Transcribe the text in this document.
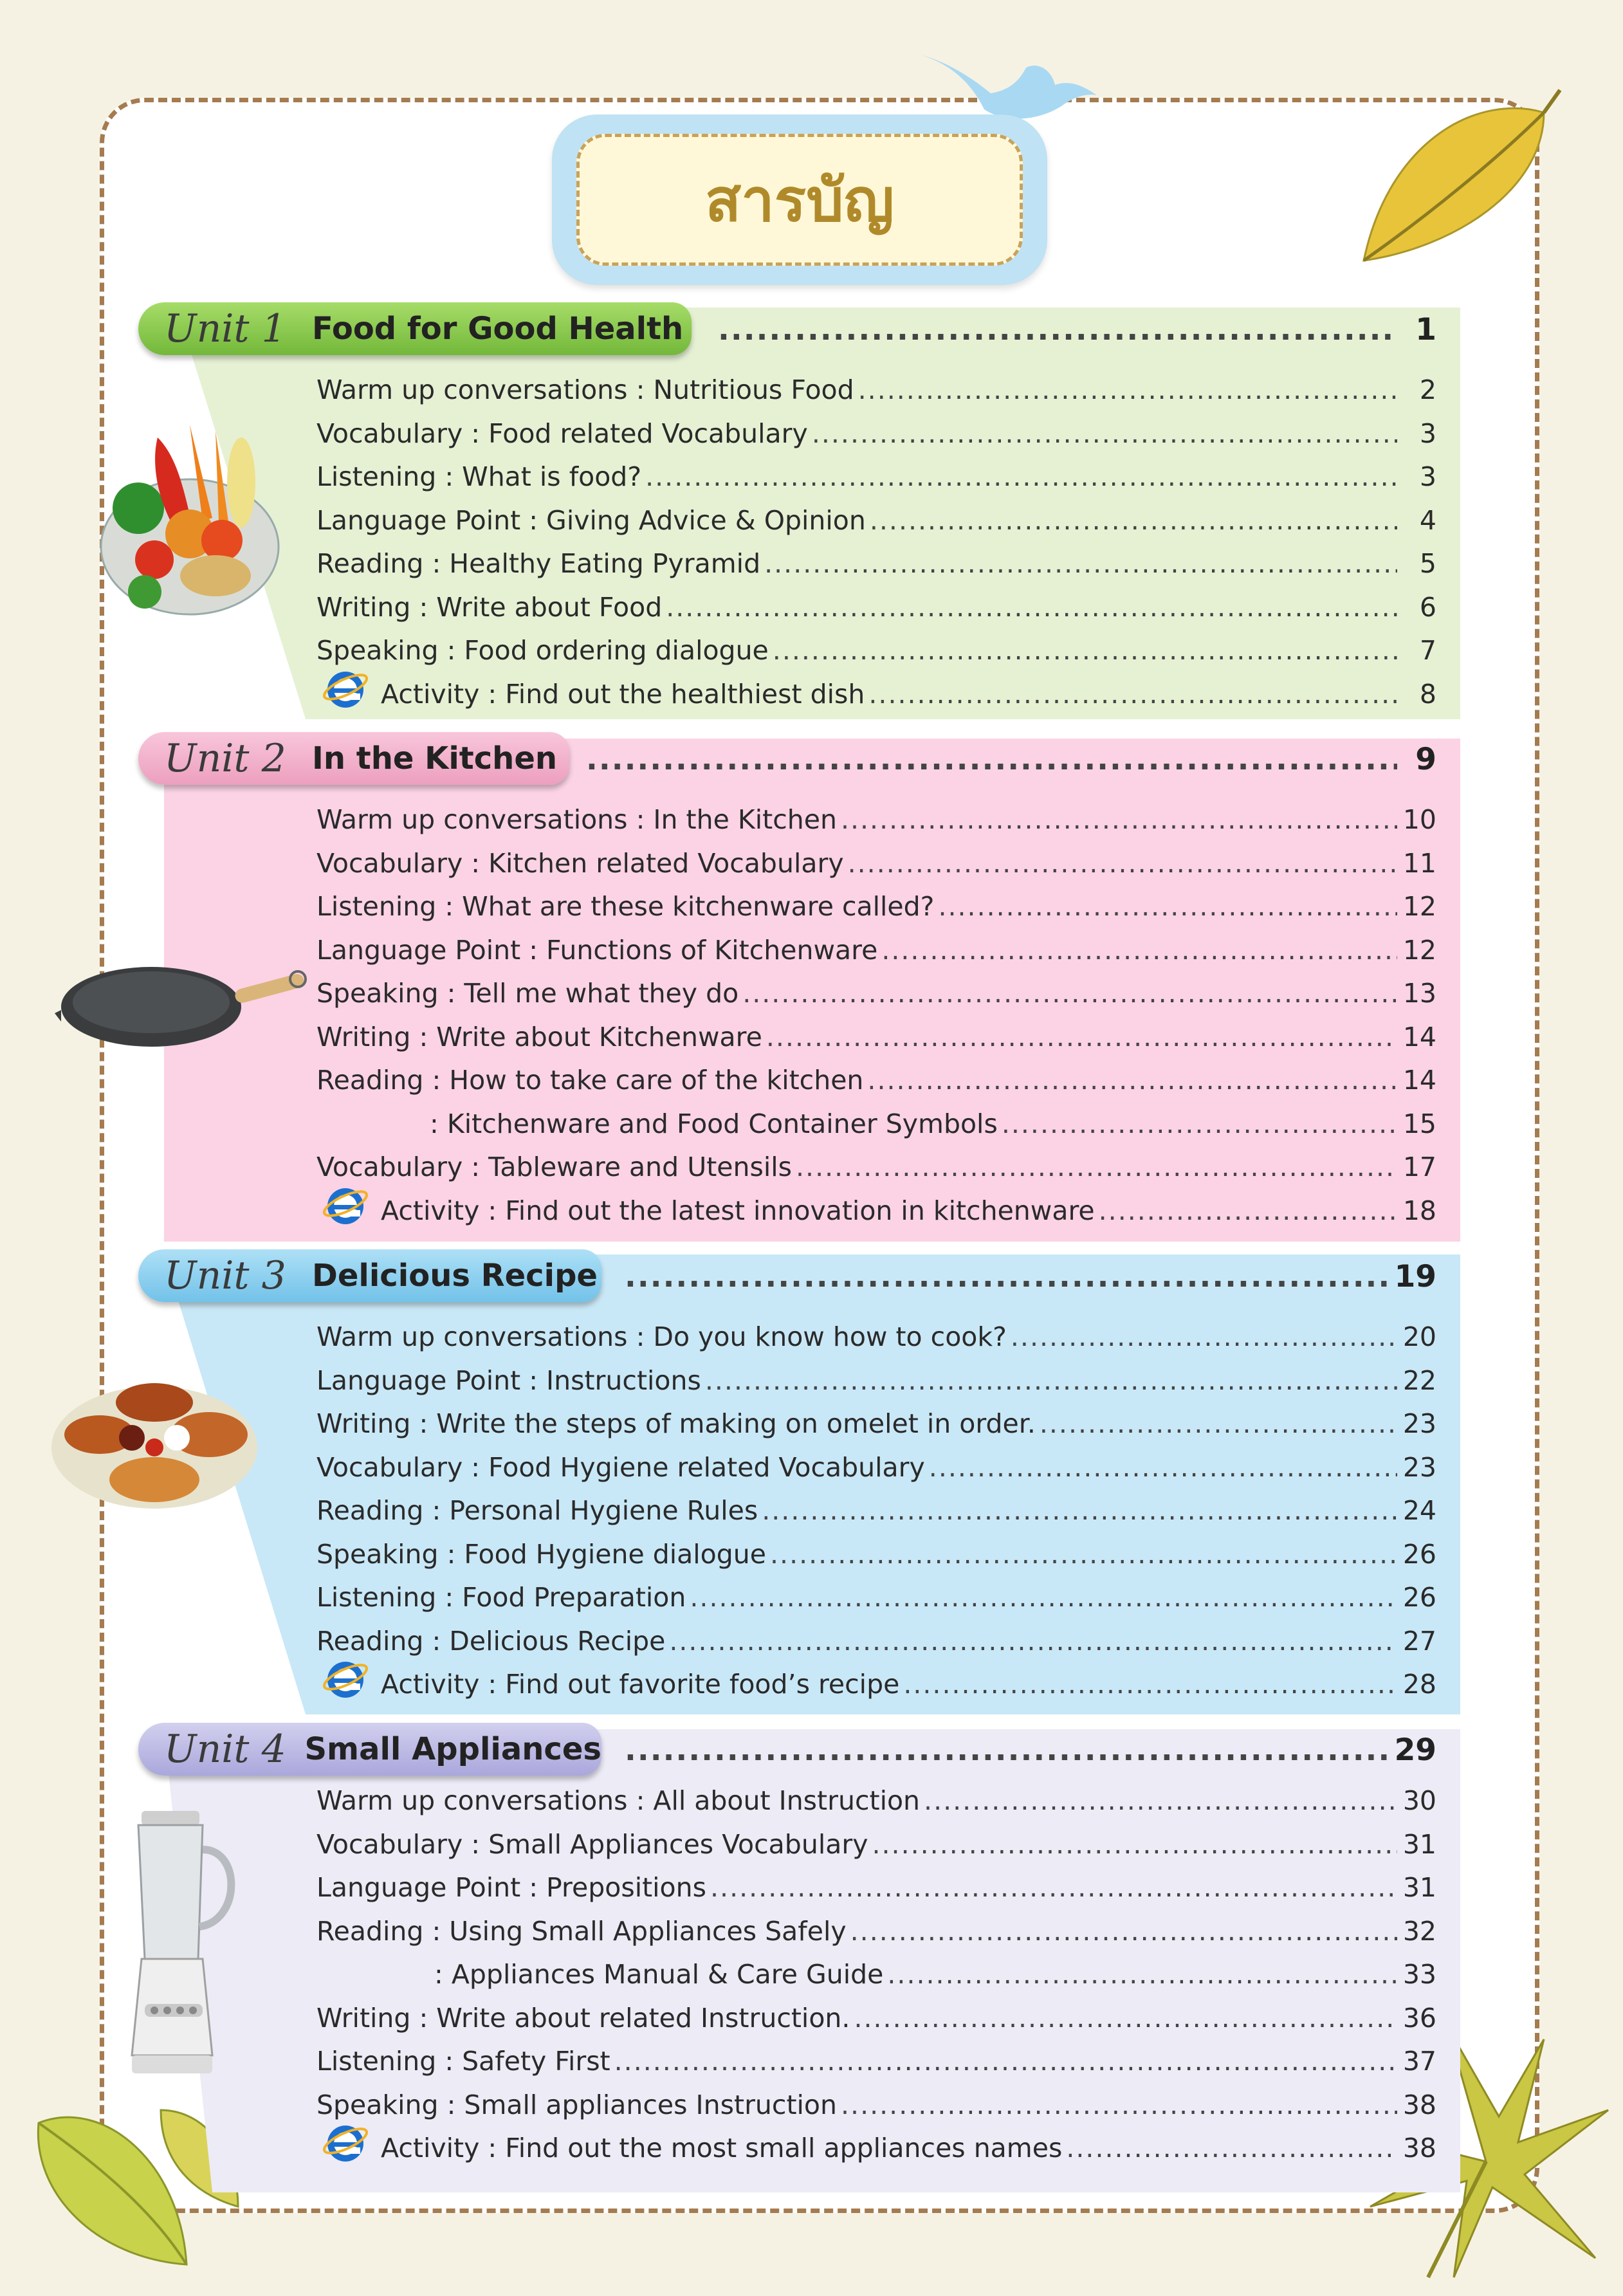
สารบัญ
Unit 1 Food for Good Health .....	1
Unit 2 In the Kitchen .....	9
Unit 3 Delicious Recipe .....	19
Unit 4 Small Appliances .....	29
Warm up conversations : Nutritious Food .....	2
Vocabulary : Food related Vocabulary .....	3
Listening : What is food? .....	3
Language Point : Giving Advice & Opinion .....	4
Reading : Healthy Eating Pyramid .....	5
Writing : Write about Food .....	6
Speaking : Food ordering dialogue .....	7
Activity : Find out the healthiest dish .....	8
Warm up conversations : In the Kitchen .....	10
Vocabulary : Kitchen related Vocabulary .....	11
Listening : What are these kitchenware called? .....	12
Language Point : Functions of Kitchenware .....	12
Speaking : Tell me what they do .....	13
Writing : Write about Kitchenware .....	14
Reading : How to take care of the kitchen .....	14
: Kitchenware and Food Container Symbols .....	15
Vocabulary : Tableware and Utensils .....	17
Activity : Find out the latest innovation in kitchenware .....	18
Warm up conversations : Do you know how to cook? .....	20
Language Point : Instructions .....	22
Writing : Write the steps of making on omelet in order. .....	23
Vocabulary : Food Hygiene related Vocabulary .....	23
Reading : Personal Hygiene Rules .....	24
Speaking : Food Hygiene dialogue .....	26
Listening : Food Preparation .....	26
Reading : Delicious Recipe .....	27
Activity : Find out favorite food’s recipe .....	28
Warm up conversations : All about Instruction .....	30
Vocabulary : Small Appliances Vocabulary .....	31
Language Point : Prepositions .....	31
Reading : Using Small Appliances Safely .....	32
: Appliances Manual & Care Guide .....	33
Writing : Write about related Instruction. .....	36
Listening : Safety First .....	37
Speaking : Small appliances Instruction .....	38
Activity : Find out the most small appliances names .....	38
